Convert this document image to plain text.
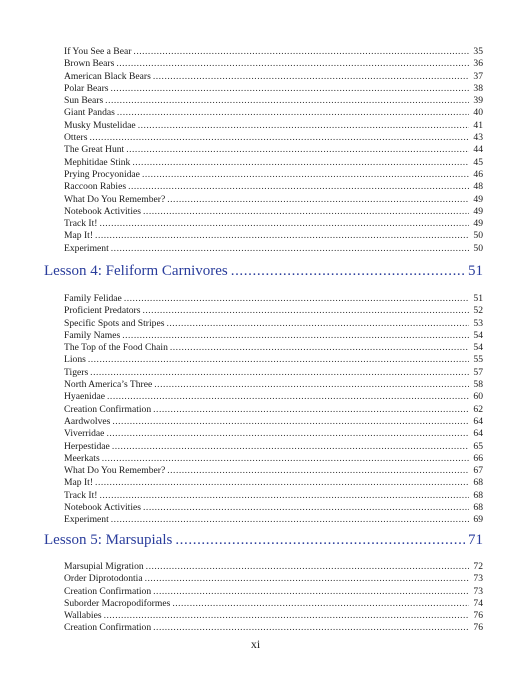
If You See a Bear .....	35
Brown Bears .....	36
American Black Bears .....	37
Polar Bears .....	38
Sun Bears .....	39
Giant Pandas .....	40
Musky Mustelidae .....	41
Otters .....	43
The Great Hunt .....	44
Mephitidae Stink .....	45
Prying Procyonidae .....	46
Raccoon Rabies .....	48
What Do You Remember? .....	49
Notebook Activities .....	49
Track It! .....	49
Map It! .....	50
Experiment .....	50
Lesson 4: Feliform Carnivores .....	51
Family Felidae .....	51
Proficient Predators .....	52
Specific Spots and Stripes .....	53
Family Names .....	54
The Top of the Food Chain .....	54
Lions .....	55
Tigers .....	57
North America’s Three .....	58
Hyaenidae .....	60
Creation Confirmation .....	62
Aardwolves .....	64
Viverridae .....	64
Herpestidae .....	65
Meerkats .....	66
What Do You Remember? .....	67
Map It! .....	68
Track It! .....	68
Notebook Activities .....	68
Experiment .....	69
Lesson 5: Marsupials .....	71
Marsupial Migration .....	72
Order Diprotodontia .....	73
Creation Confirmation .....	73
Suborder Macropodiformes .....	74
Wallabies .....	76
Creation Confirmation .....	76
xi
